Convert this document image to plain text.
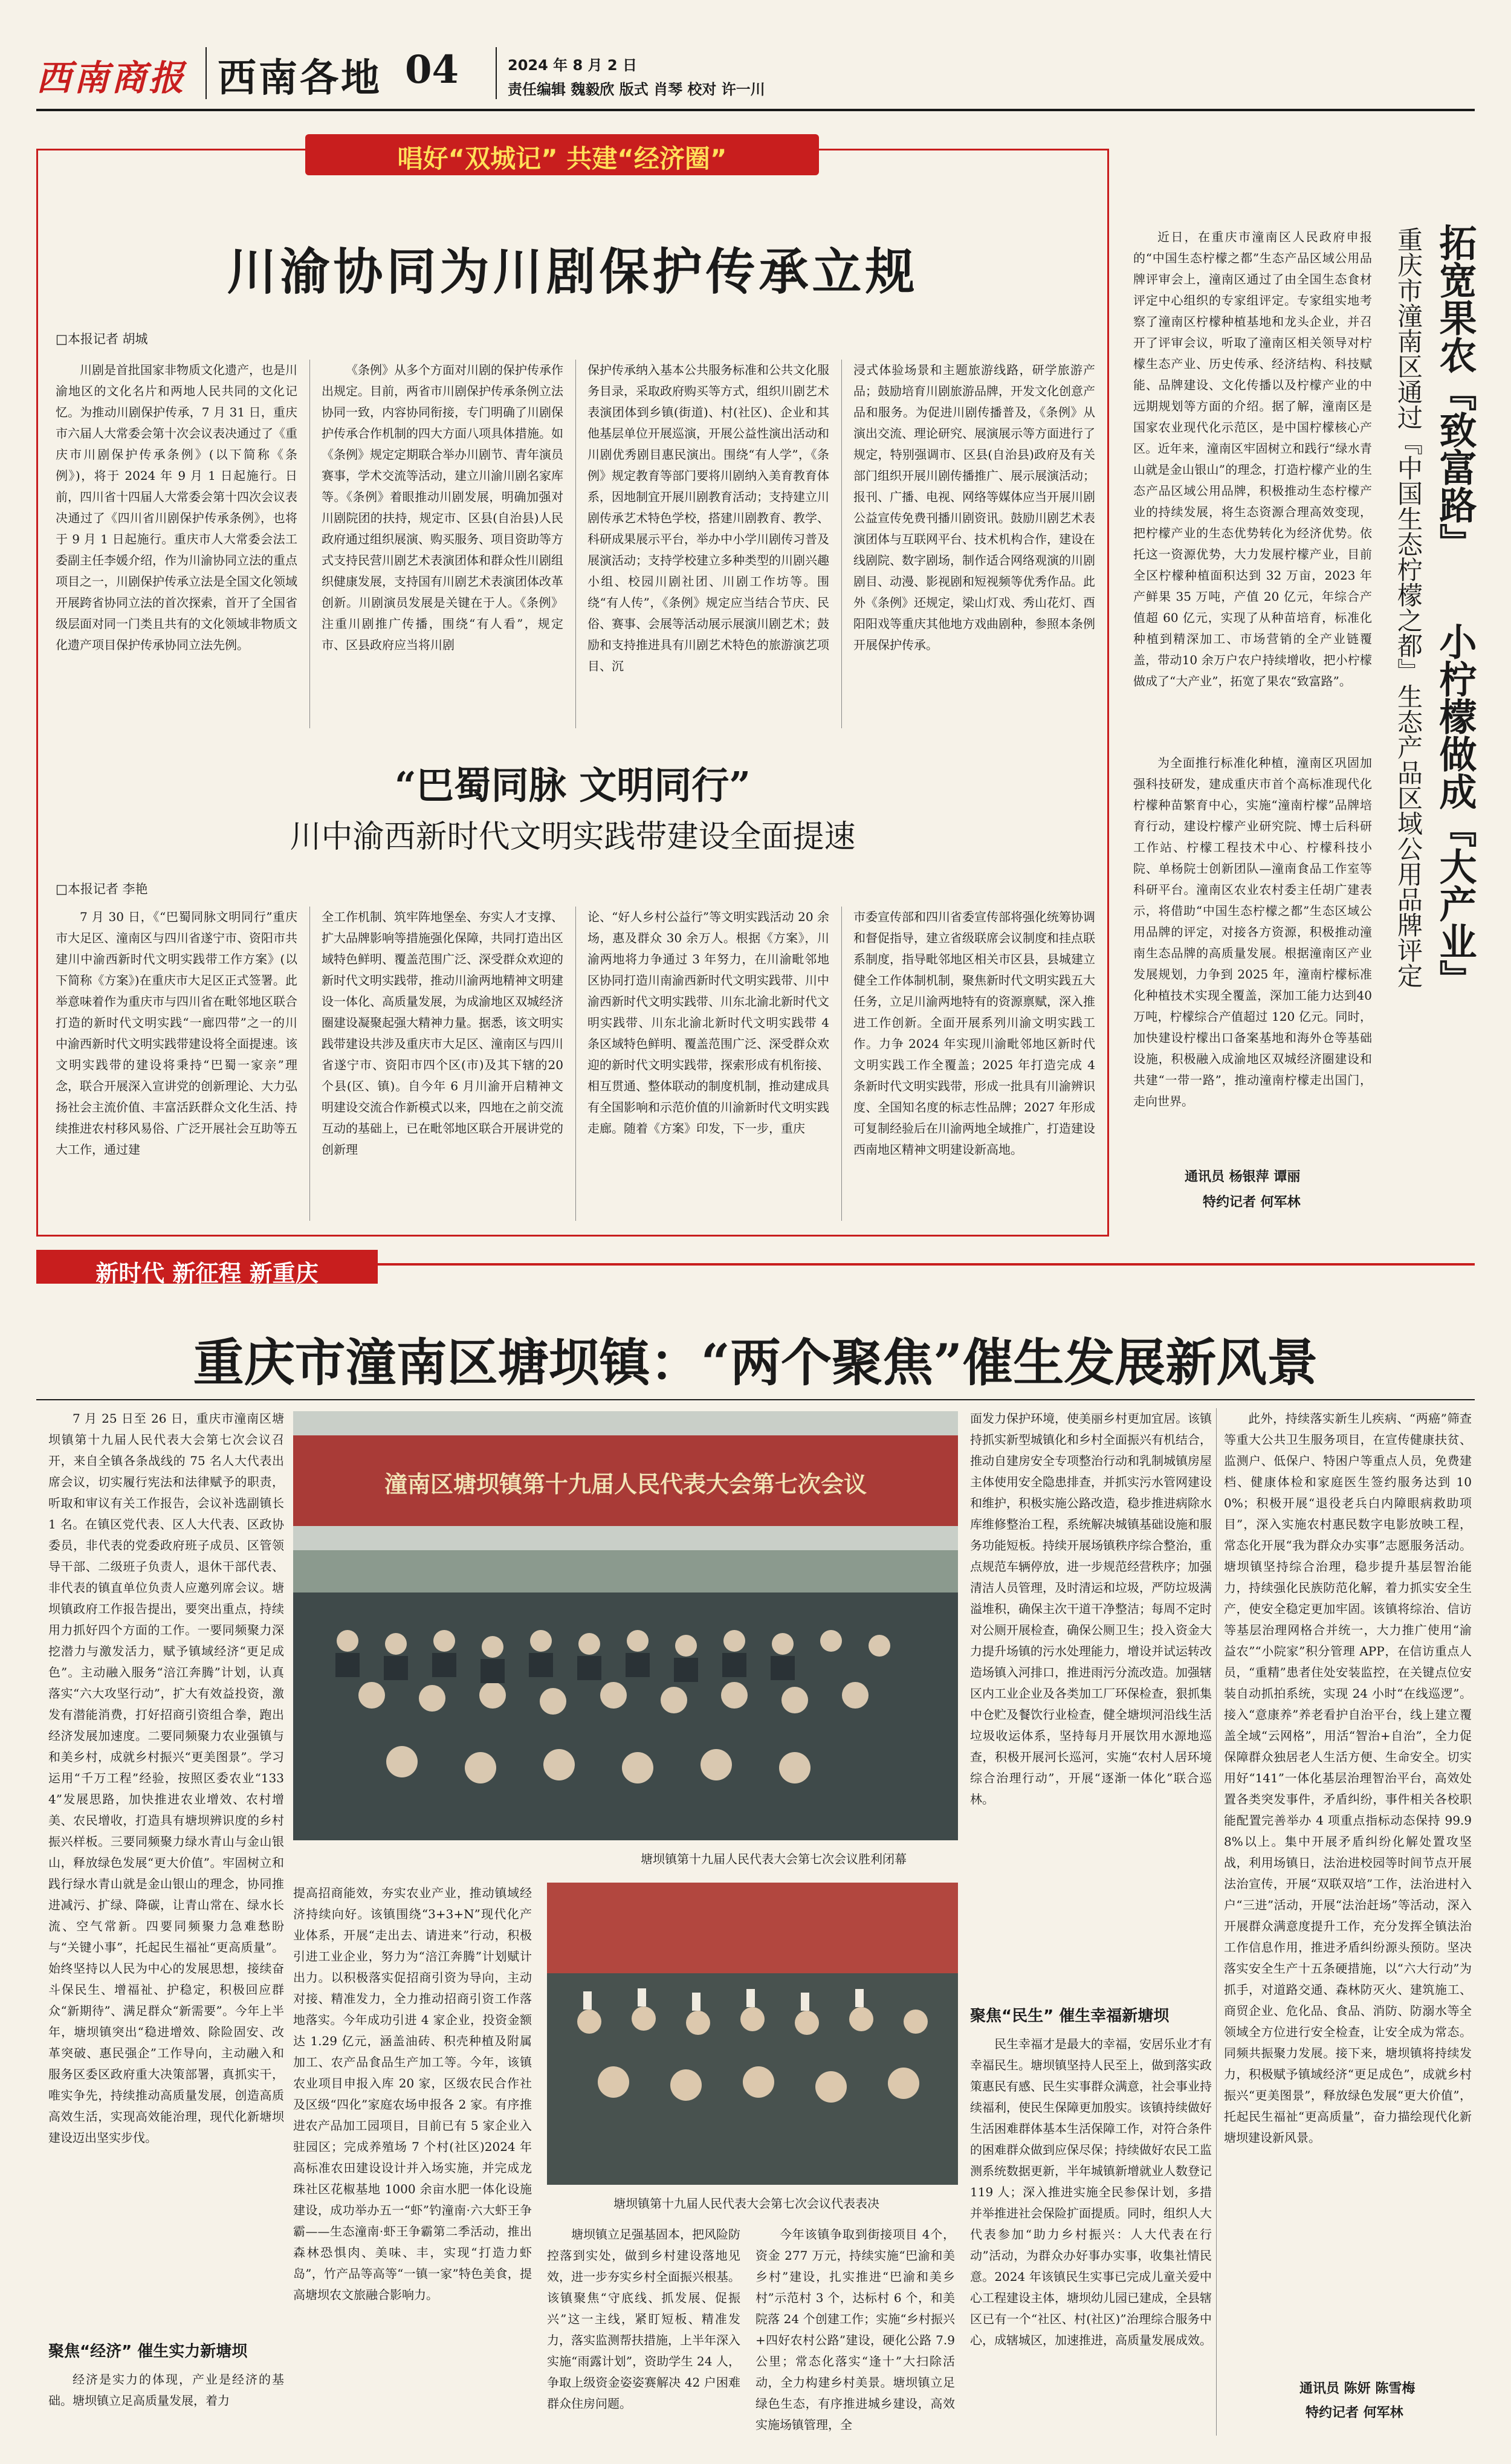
西南商报 西南各地 04	2024 年 8 月 2 日
责任编辑 魏毅欣 版式 肖琴 校对 许一川
唱好“双城记” 共建“经济圈”
川渝协同为川剧保护传承立规
□本报记者 胡城
川剧是首批国家非物质文化遗产，也是川渝地区的文化名片和两地人民共同的文化记忆。为推动川剧保护传承，7 月 31 日，重庆市六届人大常委会第十次会议表决通过了《重庆市川剧保护传承条例》(以下简称《条例》)，将于 2024 年 9 月 1 日起施行。日前，四川省十四届人大常委会第十四次会议表决通过了《四川省川剧保护传承条例》，也将于 9 月 1 日起施行。重庆市人大常委会法工委副主任李媛介绍，作为川渝协同立法的重点项目之一，川剧保护传承立法是全国文化领域开展跨省协同立法的首次探索，首开了全国省级层面对同一门类且共有的文化领域非物质文化遗产项目保护传承协同立法先例。
《条例》从多个方面对川剧的保护传承作出规定。目前，两省市川剧保护传承条例立法协同一致，内容协同衔接，专门明确了川剧保护传承合作机制的四大方面八项具体措施。如《条例》规定定期联合举办川剧节、青年演员赛事，学术交流等活动，建立川渝川剧名家库等。《条例》着眼推动川剧发展，明确加强对川剧院团的扶持，规定市、区县(自治县)人民政府通过组织展演、购买服务、项目资助等方式支持民营川剧艺术表演团体和群众性川剧组织健康发展，支持国有川剧艺术表演团体改革创新。川剧演员发展是关键在于人。《条例》注重川剧推广传播，围绕“有人看”，规定市、区县政府应当将川剧
保护传承纳入基本公共服务标准和公共文化服务目录，采取政府购买等方式，组织川剧艺术表演团体到乡镇(街道)、村(社区)、企业和其他基层单位开展巡演，开展公益性演出活动和川剧优秀剧目惠民演出。围绕“有人学”，《条例》规定教育等部门要将川剧纳入美育教育体系，因地制宜开展川剧教育活动；支持建立川剧传承艺术特色学校，搭建川剧教育、教学、科研成果展示平台，举办中小学川剧传习普及展演活动；支持学校建立多种类型的川剧兴趣小组、校园川剧社团、川剧工作坊等。围绕“有人传”，《条例》规定应当结合节庆、民俗、赛事、会展等活动展示展演川剧艺术；鼓励和支持推进具有川剧艺术特色的旅游演艺项目、沉
浸式体验场景和主题旅游线路，研学旅游产品；鼓励培育川剧旅游品牌，开发文化创意产品和服务。为促进川剧传播普及，《条例》从演出交流、理论研究、展演展示等方面进行了规定，特别强调市、区县(自治县)政府及有关部门组织开展川剧传播推广、展示展演活动；报刊、广播、电视、网络等媒体应当开展川剧公益宣传免费刊播川剧资讯。鼓励川剧艺术表演团体与互联网平台、技术机构合作，建设在线剧院、数字剧场，制作适合网络观演的川剧剧目、动漫、影视剧和短视频等优秀作品。此外《条例》还规定，梁山灯戏、秀山花灯、酉阳阳戏等重庆其他地方戏曲剧种，参照本条例开展保护传承。
“巴蜀同脉 文明同行”
川中渝西新时代文明实践带建设全面提速
□本报记者 李艳
7 月 30 日，《“巴蜀同脉文明同行”重庆市大足区、潼南区与四川省遂宁市、资阳市共建川中渝西新时代文明实践带工作方案》(以下简称《方案》)在重庆市大足区正式签署。此举意味着作为重庆市与四川省在毗邻地区联合打造的新时代文明实践“一廊四带”之一的川中渝西新时代文明实践带建设将全面提速。该文明实践带的建设将秉持“巴蜀一家亲”理念，联合开展深入宣讲党的创新理论、大力弘扬社会主流价值、丰富活跃群众文化生活、持续推进农村移风易俗、广泛开展社会互助等五大工作，通过建
全工作机制、筑牢阵地堡垒、夯实人才支撑、扩大品牌影响等措施强化保障，共同打造出区域特色鲜明、覆盖范围广泛、深受群众欢迎的新时代文明实践带，推动川渝两地精神文明建设一体化、高质量发展，为成渝地区双城经济圈建设凝聚起强大精神力量。据悉，该文明实践带建设共涉及重庆市大足区、潼南区与四川省遂宁市、资阳市四个区(市)及其下辖的20 个县(区、镇)。自今年 6 月川渝开启精神文明建设交流合作新模式以来，四地在之前交流互动的基础上，已在毗邻地区联合开展讲党的创新理
论、“好人乡村公益行”等文明实践活动 20 余场，惠及群众 30 余万人。根据《方案》，川渝两地将力争通过 3 年努力，在川渝毗邻地区协同打造川南渝西新时代文明实践带、川中渝西新时代文明实践带、川东北渝北新时代文明实践带、川东北渝北新时代文明实践带 4 条区域特色鲜明、覆盖范围广泛、深受群众欢迎的新时代文明实践带，探索形成有机衔接、相互贯通、整体联动的制度机制，推动建成具有全国影响和示范价值的川渝新时代文明实践走廊。随着《方案》印发，下一步，重庆
市委宣传部和四川省委宣传部将强化统筹协调和督促指导，建立省级联席会议制度和挂点联系制度，指导毗邻地区相关市区县，县城建立健全工作体制机制，聚焦新时代文明实践五大任务，立足川渝两地特有的资源禀赋，深入推进工作创新。全面开展系列川渝文明实践工作。力争 2024 年实现川渝毗邻地区新时代文明实践工作全覆盖；2025 年打造完成 4 条新时代文明实践带，形成一批具有川渝辨识度、全国知名度的标志性品牌；2027 年形成可复制经验后在川渝两地全域推广，打造建设西南地区精神文明建设新高地。
近日，在重庆市潼南区人民政府申报的“中国生态柠檬之都”生态产品区域公用品牌评审会上，潼南区通过了由全国生态食材评定中心组织的专家组评定。专家组实地考察了潼南区柠檬种植基地和龙头企业，并召开了评审会议，听取了潼南区相关领导对柠檬生态产业、历史传承、经济结构、科技赋能、品牌建设、文化传播以及柠檬产业的中远期规划等方面的介绍。据了解，潼南区是国家农业现代化示范区，是中国柠檬核心产区。近年来，潼南区牢固树立和践行“绿水青山就是金山银山”的理念，打造柠檬产业的生态产品区域公用品牌，积极推动生态柠檬产业的持续发展，将生态资源合理高效变现，把柠檬产业的生态优势转化为经济优势。依托这一资源优势，大力发展柠檬产业，目前全区柠檬种植面积达到 32 万亩，2023 年产鲜果 35 万吨，产值 20 亿元，年综合产值超 60 亿元，实现了从种苗培育，标准化种植到精深加工、市场营销的全产业链覆盖，带动10 余万户农户持续增收，把小柠檬做成了“大产业”，拓宽了果农“致富路”。
为全面推行标准化种植，潼南区巩固加强科技研发，建成重庆市首个高标准现代化柠檬种苗繁育中心，实施“潼南柠檬”品牌培育行动，建设柠檬产业研究院、博士后科研工作站、柠檬工程技术中心、柠檬科技小院、单杨院士创新团队—潼南食品工作室等科研平台。潼南区农业农村委主任胡广建表示，将借助“中国生态柠檬之都”生态区域公用品牌的评定，对接各方资源，积极推动潼南生态品牌的高质量发展。根据潼南区产业发展规划，力争到 2025 年，潼南柠檬标准化种植技术实现全覆盖，深加工能力达到40 万吨，柠檬综合产值超过 120 亿元。同时，加快建设柠檬出口备案基地和海外仓等基础设施，积极融入成渝地区双城经济圈建设和共建“一带一路”，推动潼南柠檬走出国门，走向世界。
拓宽果农『致富路』
小柠檬做成『大产业』
重庆市潼南区通过『中国生态柠檬之都』生态产品区域公用品牌评定
通讯员 杨银萍 谭丽
特约记者 何军林
新时代 新征程 新重庆
重庆市潼南区塘坝镇：“两个聚焦”催生发展新风景
7 月 25 日至 26 日，重庆市潼南区塘坝镇第十九届人民代表大会第七次会议召开，来自全镇各条战线的 75 名人大代表出席会议，切实履行宪法和法律赋予的职责，听取和审议有关工作报告，会议补选副镇长 1 名。在镇区党代表、区人大代表、区政协委员，非代表的党委政府班子成员、区管领导干部、二级班子负责人，退休干部代表、非代表的镇直单位负责人应邀列席会议。塘坝镇政府工作报告提出，要突出重点，持续用力抓好四个方面的工作。一要同频聚力深挖潜力与激发活力，赋予镇域经济“更足成色”。主动融入服务“涪江奔腾”计划，认真落实“六大攻坚行动”，扩大有效益投资，激发有潜能消费，打好招商引资组合拳，跑出经济发展加速度。二要同频聚力农业强镇与和美乡村，成就乡村振兴“更美图景”。学习运用“千万工程”经验，按照区委农业“1334”发展思路，加快推进农业增效、农村增美、农民增收，打造具有塘坝辨识度的乡村振兴样板。三要同频聚力绿水青山与金山银山，释放绿色发展“更大价值”。牢固树立和践行绿水青山就是金山银山的理念，协同推进减污、扩绿、降碳，让青山常在、绿水长流、空气常新。四要同频聚力急难愁盼与“关键小事”，托起民生福祉“更高质量”。始终坚持以人民为中心的发展思想，接续奋斗保民生、增福祉、护稳定，积极回应群众“新期待”、满足群众“新需要”。今年上半年，塘坝镇突出“稳进增效、除险固安、改革突破、惠民强企”工作导向，主动融入和服务区委区政府重大决策部署，真抓实干，唯实争先，持续推动高质量发展，创造高质高效生活，实现高效能治理，现代化新塘坝建设迈出坚实步伐。
聚焦“经济” 催生实力新塘坝
经济是实力的体现，产业是经济的基础。塘坝镇立足高质量发展，着力
潼南区塘坝镇第十九届人民代表大会第七次会议
塘坝镇第十九届人民代表大会第七次会议胜利闭幕
提高招商能效，夯实农业产业，推动镇域经济持续向好。该镇围绕“3+3+N”现代化产业体系，开展“走出去、请进来”行动，积极引进工业企业，努力为“涪江奔腾”计划赋计出力。以积极落实促招商引资为导向，主动对接、精准发力，全力推动招商引资工作落地落实。今年成功引进 4 家企业，投资金额达 1.29 亿元，涵盖油砖、积壳种植及附属加工、农产品食品生产加工等。今年，该镇农业项目申报入库 20 家，区级农民合作社及区级“四化”家庭农场申报各 2 家。有序推进农产品加工园项目，目前已有 5 家企业入驻园区；完成养殖场 7 个村(社区)2024 年高标准农田建设设计并入场实施，并完成龙珠社区花椒基地 1000 余亩水肥一体化设施建设，成功举办五一“虾”钓潼南·六大虾王争霸——生态潼南·虾王争霸第二季活动，推出森林恐惧肉、美味、丰，实现“打造力虾岛”，竹产品等高等“一镇一家”特色美食，提高塘坝农文旅融合影响力。
塘坝镇第十九届人民代表大会第七次会议代表表决
塘坝镇立足强基固本，把风险防控落到实处，做到乡村建设落地见效，进一步夯实乡村全面振兴根基。该镇聚焦“守底线、抓发展、促振兴”这一主线，紧盯短板、精准发力，落实监测帮扶措施，上半年深入实施“雨露计划”，资助学生 24 人，争取上级资金姿姿赛解决 42 户困难群众住房问题。
今年该镇争取到街接项目 4个，资金 277 万元，持续实施“巴渝和美乡村”建设，扎实推进“巴渝和美乡村”示范村 3 个，达标村 6 个，和美院落 24 个创建工作；实施“乡村振兴+四好农村公路”建设，硬化公路 7.9 公里；常态化落实“逢十”大扫除活动，全力构建乡村美景。塘坝镇立足绿色生态，有序推进城乡建设，高效实施场镇管理，全
面发力保护环境，使美丽乡村更加宜居。该镇持抓实新型城镇化和乡村全面振兴有机结合，推动自建房安全专项整治行动和乳制城镇房屋主体使用安全隐患排查，并抓实污水管网建设和维护，积极实施公路改造，稳步推进病除水库维修整治工程，系统解决城镇基础设施和服务功能短板。持续开展场镇秩序综合整治，重点规范车辆停放，进一步规范经营秩序；加强清洁人员管理，及时清运和垃圾，严防垃圾满溢堆积，确保主次干道干净整洁；每周不定时对公厕开展检查，确保公厕卫生；投入资金大力提升场镇的污水处理能力，增设并试运转改造场镇入河排口，推进雨污分流改造。加强辖区内工业企业及各类加工厂环保检查，狠抓集中仓贮及餐饮行业检查，健全塘坝河沿线生活垃圾收运体系，坚持每月开展饮用水源地巡查，积极开展河长巡河，实施“农村人居环境综合治理行动”，开展“逐渐一体化”联合巡林。
聚焦“民生” 催生幸福新塘坝
民生幸福才是最大的幸福，安居乐业才有幸福民生。塘坝镇坚持人民至上，做到落实政策惠民有感、民生实事群众满意，社会事业持续福利，使民生保障更加殷实。该镇持续做好生活困难群体基本生活保障工作，对符合条件的困难群众做到应保尽保；持续做好农民工监测系统数据更新，半年城镇新增就业人数登记 119 人；深入推进实施全民参保计划，多措并举推进社会保险扩面提质。同时，组织人大代表参加“助力乡村振兴：人大代表在行动”活动，为群众办好事办实事，收集社情民意。2024 年该镇民生实事已完成儿童关爱中心工程建设主体，塘坝幼儿园已建成，全县辖区已有一个“社区、村(社区)”治理综合服务中心，成辖城区，加速推进，高质量发展成效。
此外，持续落实新生儿疾病、“两癌”筛查等重大公共卫生服务项目，在宣传健康扶贫、监测户、低保户、特困户等重点人员，免费建档、健康体检和家庭医生签约服务达到 100%；积极开展“退役老兵白内障眼病救助项目”，深入实施农村惠民数字电影放映工程，常态化开展“我为群众办实事”志愿服务活动。塘坝镇坚持综合治理，稳步提升基层智治能力，持续强化民族防范化解，着力抓实安全生产，使安全稳定更加牢固。该镇将综治、信访等基层治理网格合并统一，大力推广使用“渝益农”“小院家”积分管理 APP，在信访重点人员，“重精”患者住处安装监控，在关键点位安装自动抓拍系统，实现 24 小时“在线巡逻”。接入“意康养”养老看护自治平台，线上建立覆盖全域“云网格”，用活“智治+自治”，全力促保障群众独居老人生活方便、生命安全。切实用好“141”一体化基层治理智治平台，高效处置各类突发事件，矛盾纠纷，事件相关各校职能配置完善举办 4 项重点指标动态保持 99.98%以上。集中开展矛盾纠纷化解处置攻坚战，利用场镇日，法治进校园等时间节点开展法治宣传，开展“双联双培”工作，法治进村入户“三进”活动，开展“法治赶场”等活动，深入开展群众满意度提升工作，充分发挥全镇法治工作信息作用，推进矛盾纠纷源头预防。坚决落实安全生产十五条硬措施，以“六大行动”为抓手，对道路交通、森林防灭火、建筑施工、商贸企业、危化品、食品、消防、防溺水等全领域全方位进行安全检查，让安全成为常态。同频共振聚力发展。接下来，塘坝镇将持续发力，积极赋予镇域经济“更足成色”，成就乡村振兴“更美图景”，释放绿色发展“更大价值”，托起民生福祉“更高质量”，奋力描绘现代化新塘坝建设新风景。
通讯员 陈妍 陈雪梅
特约记者 何军林
